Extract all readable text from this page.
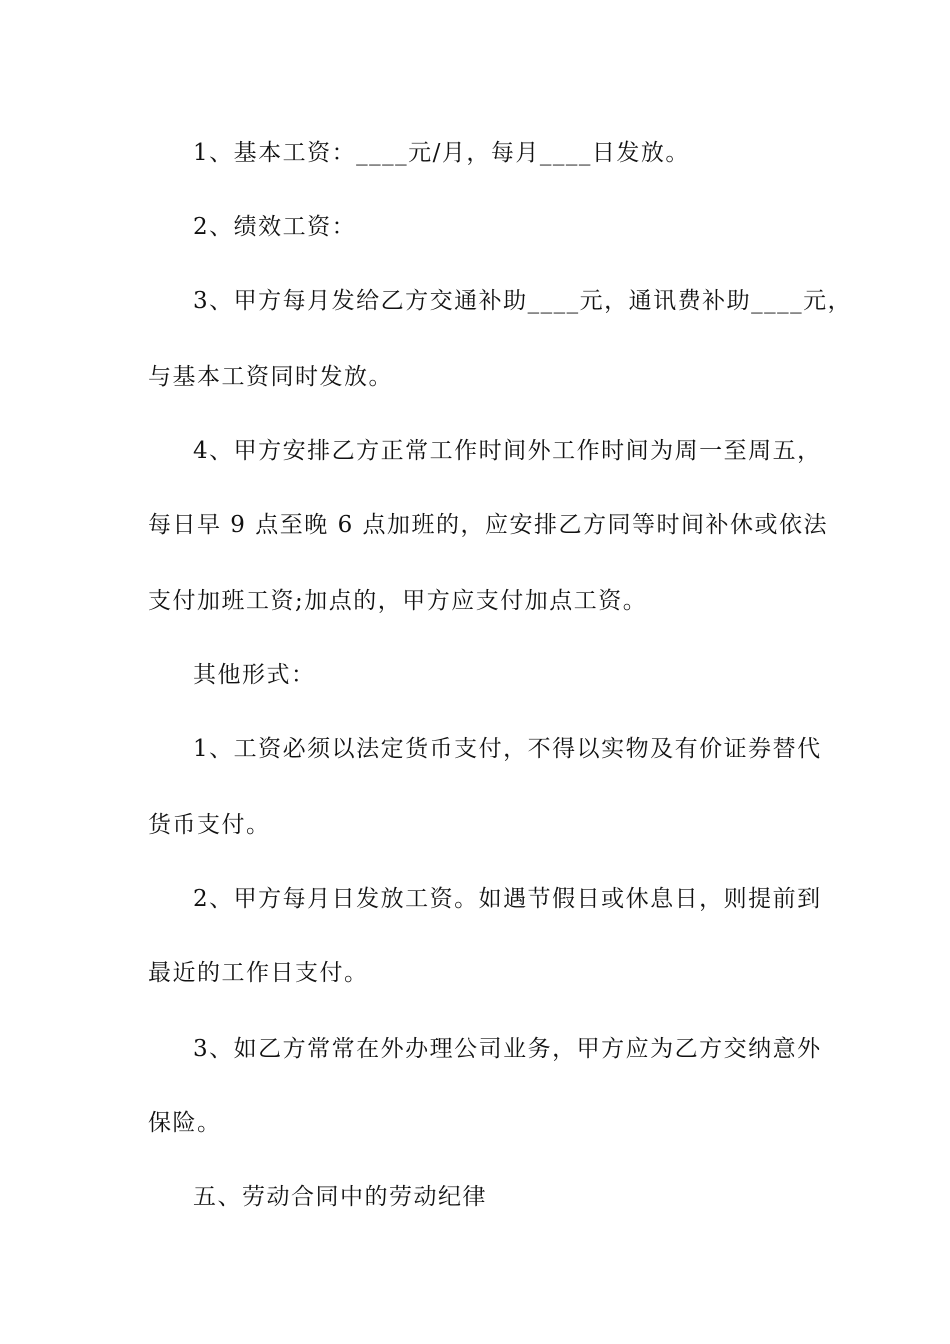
1、基本工资：____元/月，每月____日发放。
2、绩效工资：
3、甲方每月发给乙方交通补助____元，通讯费补助____元，
与基本工资同时发放。
4、甲方安排乙方正常工作时间外工作时间为周一至周五，
每日早 9 点至晚 6 点加班的，应安排乙方同等时间补休或依法
支付加班工资;加点的，甲方应支付加点工资。
其他形式：
1、工资必须以法定货币支付，不得以实物及有价证券替代
货币支付。
2、甲方每月日发放工资。如遇节假日或休息日，则提前到
最近的工作日支付。
3、如乙方常常在外办理公司业务，甲方应为乙方交纳意外
保险。
五、劳动合同中的劳动纪律
